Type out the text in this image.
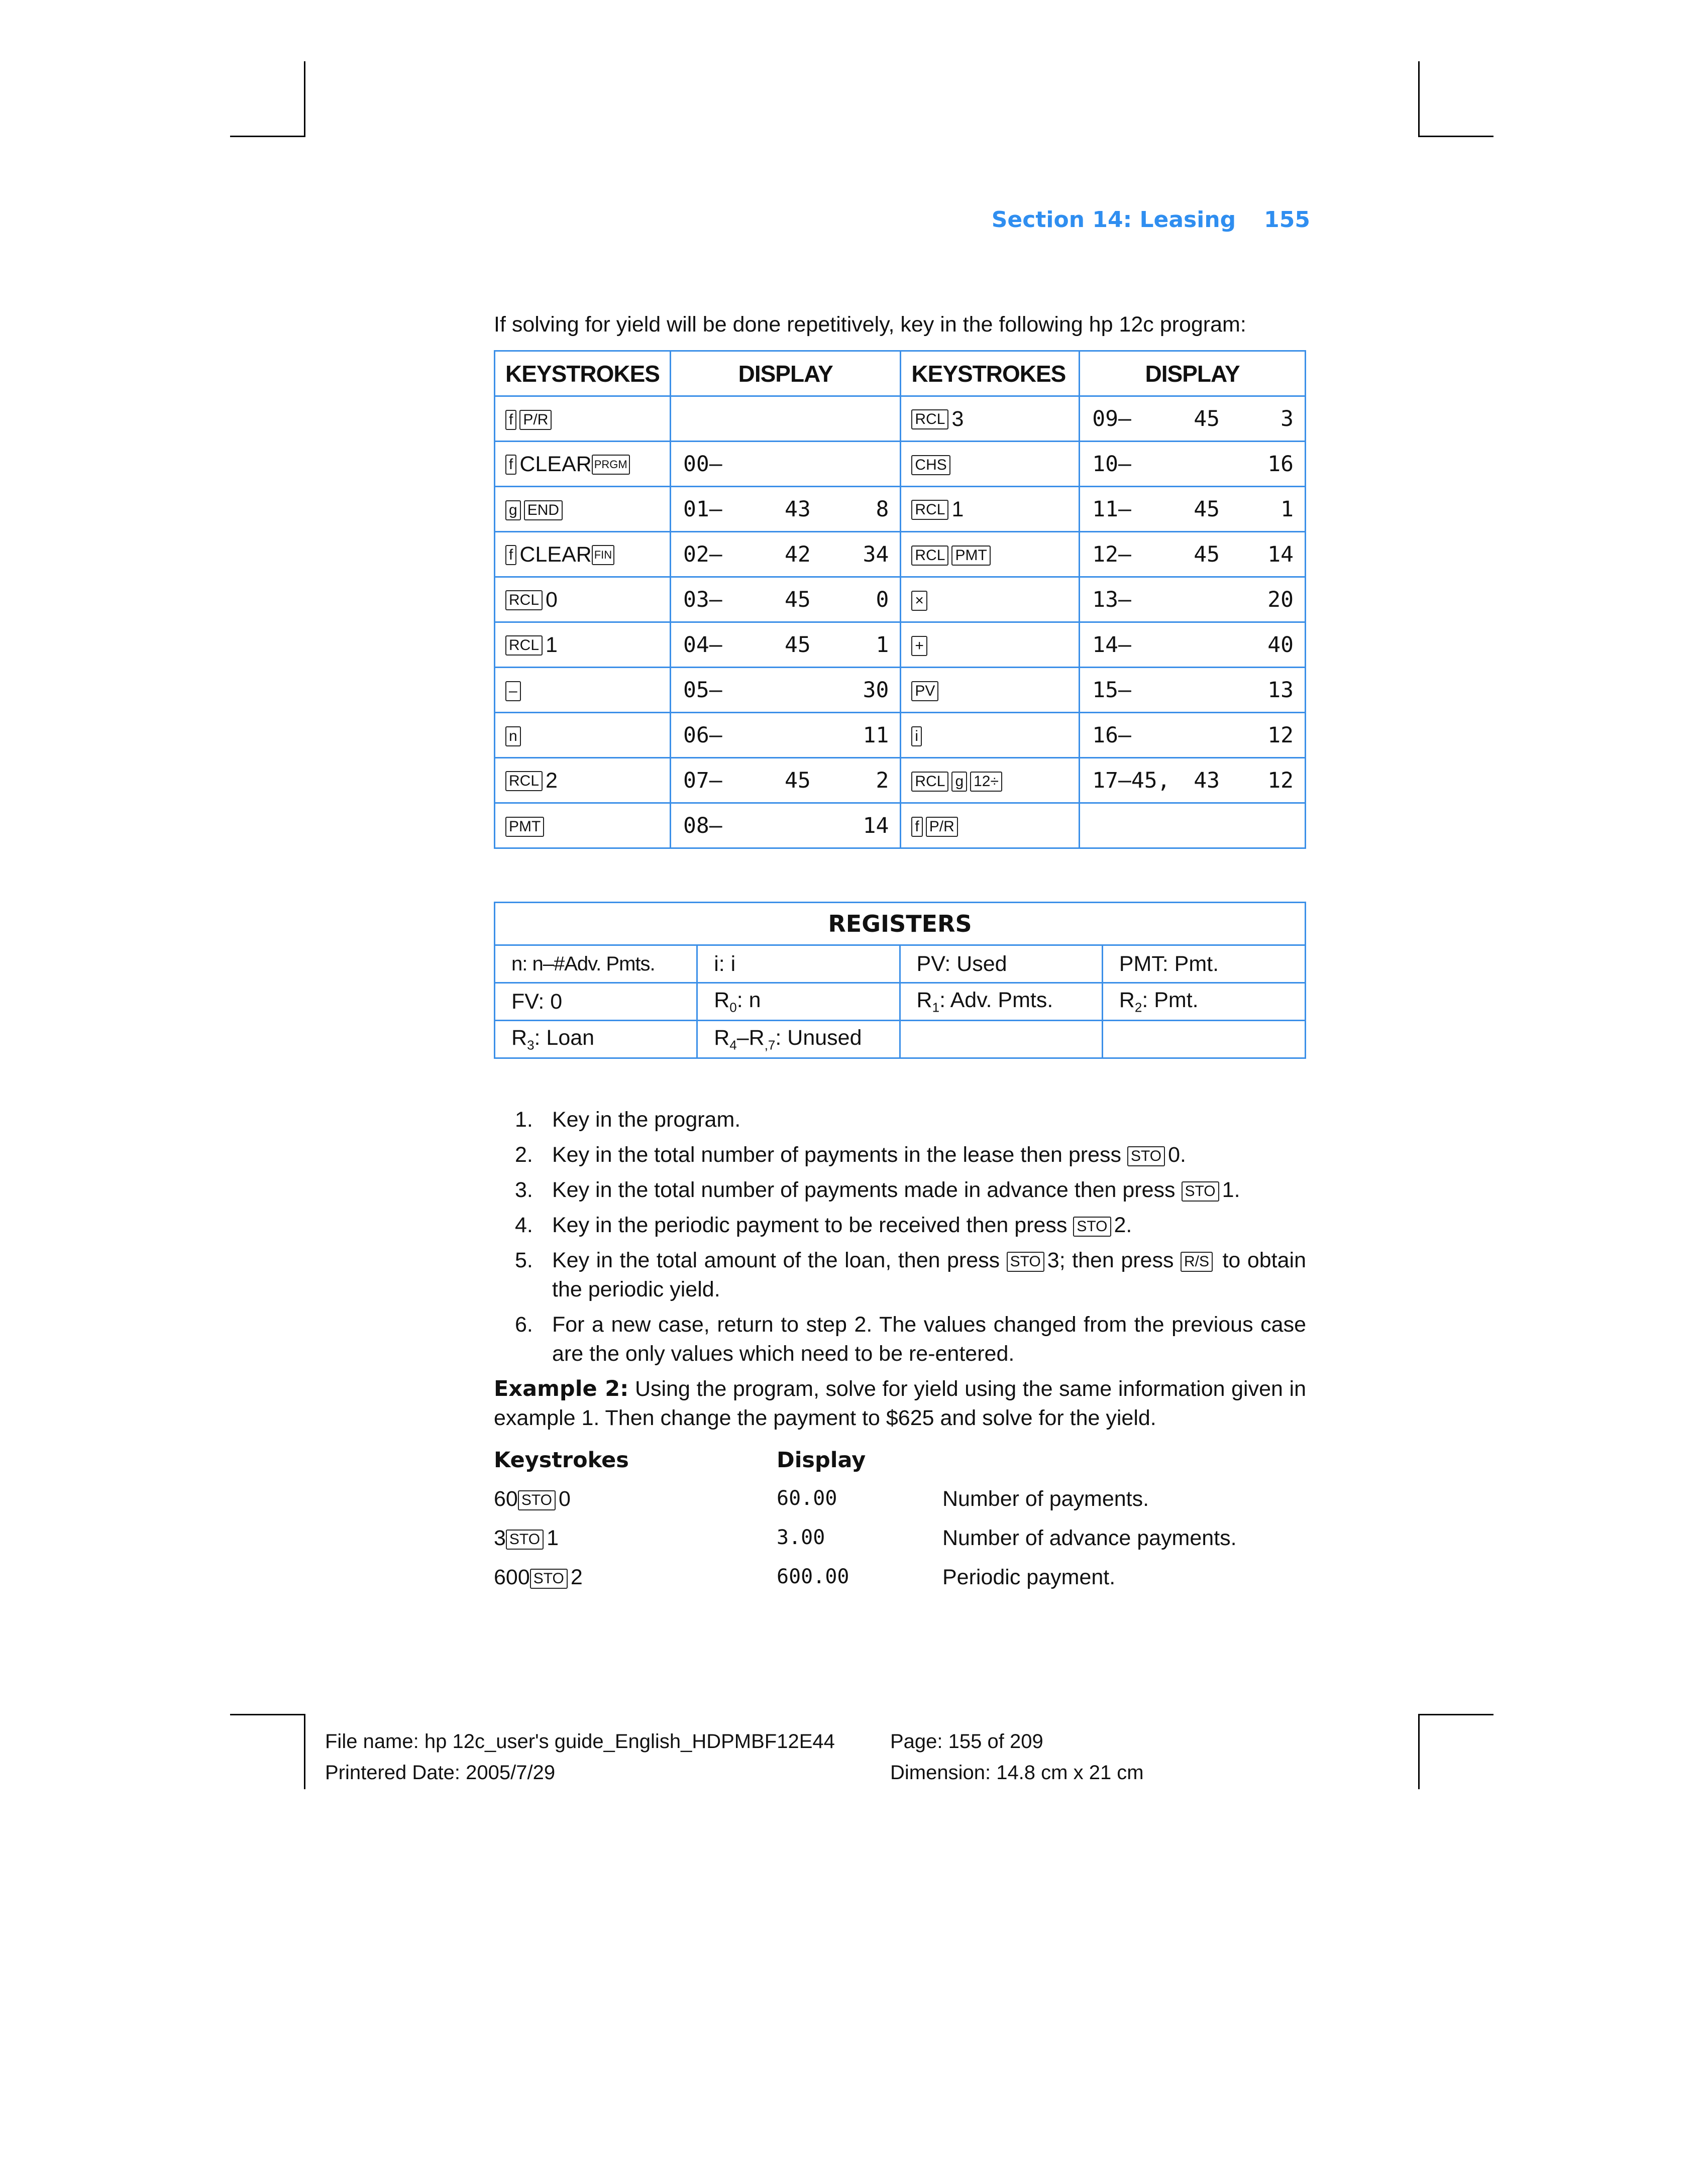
Section 14: Leasing 155
If solving for yield will be done repetitively, key in the following hp 12c program:
KEYSTROKES	DISPLAY	KEYSTROKES	DISPLAY
f P/R		RCL 3	09– 45 3

f CLEAR PRGM	00–	CHS	10– 16

g END	01– 43 8	RCL 1	11– 45 1

f CLEAR FIN	02– 42 34	RCL PMT	12– 45 14

RCL 0	03– 45 0	×	13– 20

RCL 1	04– 45 1	+	14– 40

–	05– 30	PV	15– 13

n	06– 11	i	16– 12

RCL 2	07– 45 2	RCL g 12÷	17–45, 43 12

PMT	08– 14	f P/R	
REGISTERS			
n: n–#Adv. Pmts.	i: i	PV: Used	PMT: Pmt.
FV: 0	$R_0$: n	$R_1$: Adv. Pmts.	$R_2$: Pmt.
$R_3$: Loan	$R_4-R_{,7}$: Unused		
1. Key in the program.
2. Key in the total number of payments in the lease then press STO 0.
3. Key in the total number of payments made in advance then press STO 1.
4. Key in the periodic payment to be received then press STO 2.
5. Key in the total amount of the loan, then press STO 3; then press R/S to obtain the periodic yield.
6. For a new case, return to step 2. The values changed from the previous case are the only values which need to be re-entered.
Example 2: Using the program, solve for yield using the same information given in example 1. Then change the payment to $625 and solve for the yield.
Keystrokes	Display
60 STO 0	60.00	Number of payments.
3 STO 1	3.00	Number of advance payments.
600 STO 2	600.00	Periodic payment.
File name: hp 12c_user's guide_English_HDPMBF12E44
Printered Date: 2005/7/29
Page: 155 of 209
Dimension: 14.8 cm x 21 cm
